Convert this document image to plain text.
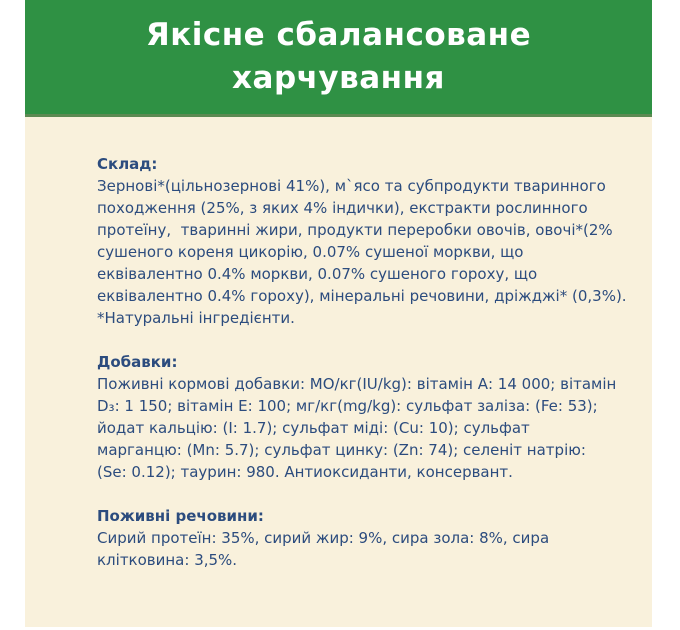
Якісне сбалансоване
харчування
Склад:
Зернові*(цільнозернові 41%), м`ясо та субпродукти тваринного
походження (25%, з яких 4% індички), екстракти рослинного
протеїну,  тваринні жири, продукти переробки овочів, овочі*(2%
сушеного кореня цикорію, 0.07% сушеної моркви, що
еквівалентно 0.4% моркви, 0.07% сушеного гороху, що
еквівалентно 0.4% гороху), мінеральні речовини, дріжджі* (0,3%).
*Натуральні інгредієнти.
Добавки:
Поживні кормові добавки: МО/кг(IU/kg): вітамін А: 14 000; вітамін
D₃: 1 150; вітамін Е: 100; мг/кг(mg/kg): сульфат заліза: (Fe: 53);
йодат кальцію: (I: 1.7); сульфат міді: (Cu: 10); сульфат
марганцю: (Mn: 5.7); сульфат цинку: (Zn: 74); селеніт натрію:
(Se: 0.12); таурин: 980. Антиоксиданти, консервант.
Поживні речовини:
Сирий протеїн: 35%, сирий жир: 9%, сира зола: 8%, сира
клітковина: 3,5%.
